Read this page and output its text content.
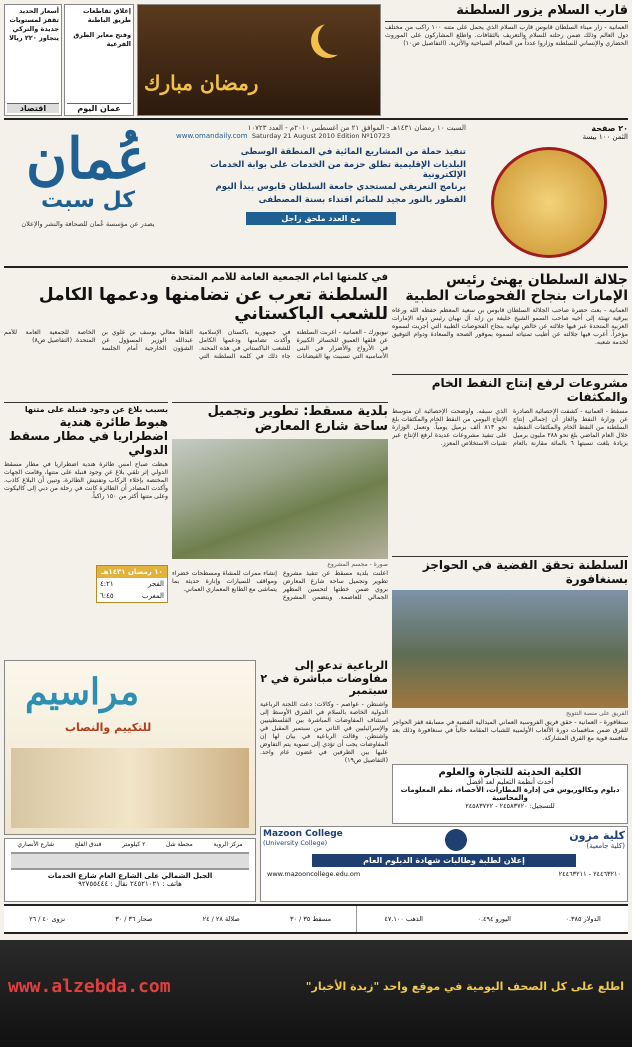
أسعار الحديد تقفز لمستويات جديدة والتركي يتجاوز ٢٢٠ ريالا
اقتصاد
إغلاق تقاطعات طريق الباطنة
وفتح معابر الطرق الفرعية
عمان اليوم
رمضان مبارك
قارب السلام يزور السلطنة
العمانية - زار ميناء السلطان قابوس قارب السلام الذي يحمل على متنه ١٠٠ راكب من مختلف دول العالم وذلك ضمن رحلته للسلام والتعريف بالثقافات. واطلع المشاركون على الموروث الحضاري والإنساني للسلطنة وزاروا عدداً من المعالم السياحية والأثرية. (التفاصيل ص١٠)
عُمان
كل سبت
يصدر عن مؤسسة عُمان للصحافة والنشر والإعلان
السبت ١٠ رمضان ١٤٣١هـ - الموافق ٢١ من أغسطس ٢٠١٠م - العدد ١٠٧٢٣
Saturday 21 August 2010 Edition Nº10723
www.omandaily.com
تنفيذ حملة من المشاريع المائية في المنطقة الوسطى
البلديات الإقليمية تطلق حزمة من الخدمات على بوابة الخدمات الإلكترونية
برنامج التعريفي لمستجدي جامعة السلطان قابوس يبدأ اليوم
الفطور بالنور مجيد للصائم اقتداء بسنة المصطفى
مع العدد ملحق زاجل
٢٠ صفحة
الثمن ١٠٠ بيسة
جلالة السلطان يهنئ رئيس الإمارات بنجاح الفحوصات الطبية
العمانية - بعث حضرة صاحب الجلالة السلطان قابوس بن سعيد المعظم حفظه الله ورعاه ببرقية تهنئة إلى أخيه صاحب السمو الشيخ خليفة بن زايد آل نهيان رئيس دولة الإمارات العربية المتحدة عبر فيها جلالته عن خالص تهانيه بنجاح الفحوصات الطبية التي أجريت لسموه مؤخراً. أعرب فيها جلالته عن أطيب تمنياته لسموه بموفور الصحة والسعادة ودوام التوفيق لخدمة شعبه.
في كلمتها أمام الجمعية العامة للأمم المتحدة
السلطنة تعرب عن تضامنها ودعمها الكامل للشعب الباكستاني
نيويورك - العمانية - أعربت السلطنة عن قلقها العميق للخسائر الكبيرة في الأرواح والأضرار في البنى الأساسية التي تسببت بها الفيضانات في جمهورية باكستان الإسلامية وأكدت تضامنها ودعمها الكامل للشعب الباكستاني في هذه المحنة. جاء ذلك في كلمة السلطنة التي ألقاها معالي يوسف بن علوي بن عبدالله الوزير المسؤول عن الشؤون الخارجية أمام الجلسة الخاصة للجمعية العامة للأمم المتحدة. (التفاصيل ص٨)
مشروعات لرفع إنتاج النفط الخام والمكثفات
مسقط - العمانية - كشفت الإحصائية الصادرة عن وزارة النفط والغاز أن إجمالي إنتاج السلطنة من النفط الخام والمكثفات النفطية خلال العام الماضي بلغ نحو ٢٨٨ مليون برميل بزيادة بلغت نسبتها ٦ بالمائة مقارنة بالعام الذي سبقه. وأوضحت الإحصائية أن متوسط الإنتاج اليومي من النفط الخام والمكثفات بلغ نحو ٨١٣ ألف برميل يومياً. وتعمل الوزارة على تنفيذ مشروعات عديدة لرفع الإنتاج عبر تقنيات الاستخلاص المعزز.
بلدية مسقط: تطوير وتجميل ساحة شارع المعارض
صورة - مجسم المشروع
أعلنت بلدية مسقط عن تنفيذ مشروع تطوير وتجميل ساحة شارع المعارض بروي ضمن خطتها لتحسين المظهر الجمالي للعاصمة. ويتضمن المشروع إنشاء ممرات للمشاة ومسطحات خضراء ومواقف للسيارات وإنارة حديثة بما يتماشى مع الطابع المعماري العماني.
بسبب بلاغ عن وجود قنبلة على متنها
هبوط طائرة هندية اضطراريا في مطار مسقط الدولي
هبطت صباح أمس طائرة هندية اضطرارياً في مطار مسقط الدولي إثر تلقي بلاغ عن وجود قنبلة على متنها، وقامت الجهات المختصة بإخلاء الركاب وتفتيش الطائرة، وتبين أن البلاغ كاذب. وأكدت المصادر أن الطائرة كانت في رحلة من دبي إلى كاليكوت وعلى متنها أكثر من ١٥٠ راكباً.
١٠ رمضان ١٤٣١هـ
الفجر
٤:٢١
المغرب
٦:٤٥
السلطنة تحقق الفضية في الحواجز بسنغافورة
الفريق على منصة التتويج
سنغافورة - العمانية - حقق فريق الفروسية العماني الميدالية الفضية في مسابقة قفز الحواجز للفرق ضمن منافسات دورة الألعاب الأولمبية للشباب المقامة حالياً في سنغافورة وذلك بعد منافسة قوية مع الفرق المشاركة.
الرباعية تدعو إلى مفاوضات مباشرة في ٢ سبتمبر
واشنطن - عواصم - وكالات: دعت اللجنة الرباعية الدولية الخاصة بالسلام في الشرق الأوسط إلى استئناف المفاوضات المباشرة بين الفلسطينيين والإسرائيليين في الثاني من سبتمبر المقبل في واشنطن. وقالت الرباعية في بيان لها إن المفاوضات يجب أن تؤدي إلى تسوية يتم التفاوض عليها بين الطرفين في غضون عام واحد. (التفاصيل ص١٩)
مراسيم
للتكييم والنصاب
مركز الروية
محطة شل
٢ كيلومتر
فندق الفلج
شارع الأنصاري
الجبل الشمالي على الشارع العام شارع الخدمات
هاتف : ٢٤٥٢١٠٢١ نقال : ٩٢٧٥٥٤٤٤
الكلية الحديثة للتجارة والعلوم
أحدث أنظمة التعليم لغد أفضل
دبلوم وبكالوريوس في إدارة المطارات، الأحصاء، نظم المعلومات والمحاسبة
للتسجيل: ٢٤٥٨٣٧٢٠ - ٢٤٥٨٣٧٢٢
Mazoon College
(University College)
كلية مزون
(كلية جامعية)
إعلان لطلبة وطالبات شهادة الدبلوم العام
www.mazooncollege.edu.om	٢٤٤٦٣٢١٠ - ٢٤٤٦٣٢١١
الدولار ٠.٣٨٥
اليورو ٠.٤٩٤
الذهب ٤٧.١٠٠
مسقط ٣٥ / ٣٠
صلالة ٢٨ / ٢٤
صحار ٣٦ / ٣٠
نزوى ٤٠ / ٢٦
اطلع على كل الصحف اليومية في موقع واحد "زبدة الأخبار"
www.alzebda.com
